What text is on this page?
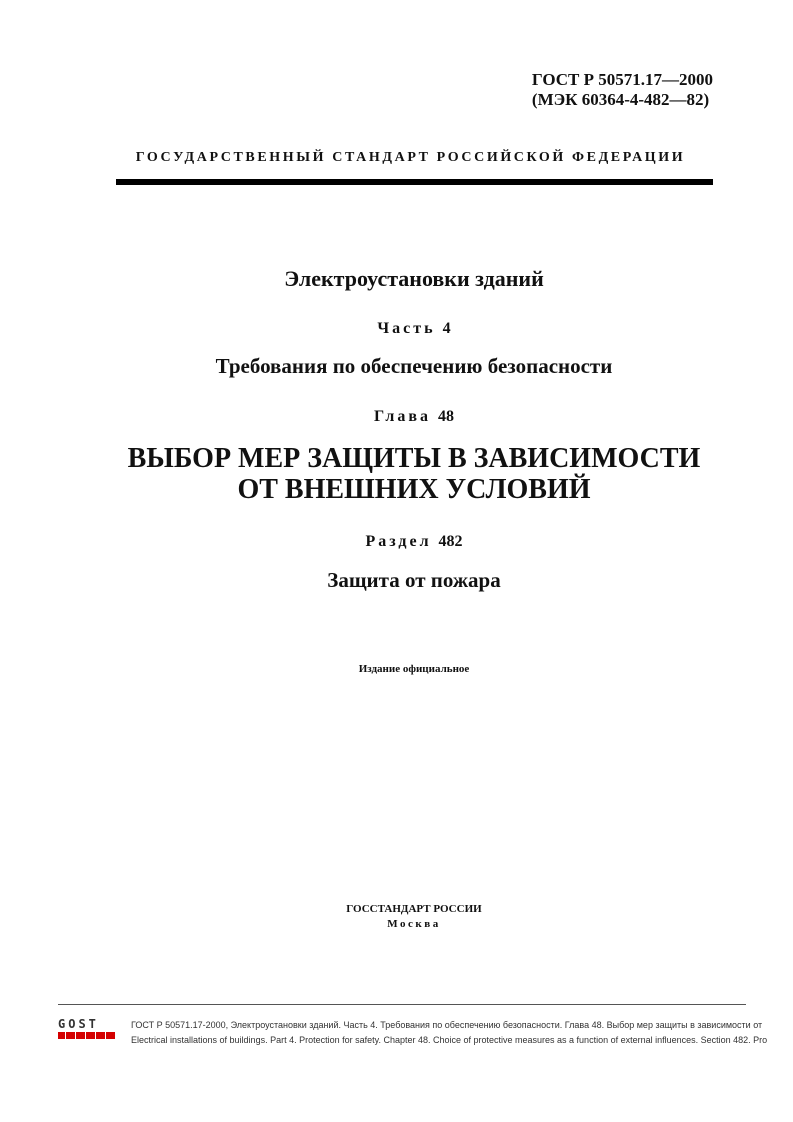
ГОСТ Р 50571.17—2000
(МЭК 60364-4-482—82)
ГОСУДАРСТВЕННЫЙ СТАНДАРТ РОССИЙСКОЙ ФЕДЕРАЦИИ
Электроустановки зданий
Часть 4
Требования по обеспечению безопасности
Глава 48
ВЫБОР МЕР ЗАЩИТЫ В ЗАВИСИМОСТИ
ОТ ВНЕШНИХ УСЛОВИЙ
Раздел 482
Защита от пожара
Издание официальное
ГОССТАНДАРТ РОССИИ
Москва
GOST	ГОСТ Р 50571.17-2000, Электроустановки зданий. Часть 4. Требования по обеспечению безопасности. Глава 48. Выбор мер защиты в зависимости от
Electrical installations of buildings. Part 4. Protection for safety. Chapter 48. Choice of protective measures as a function of external influences. Section 482. Pro
